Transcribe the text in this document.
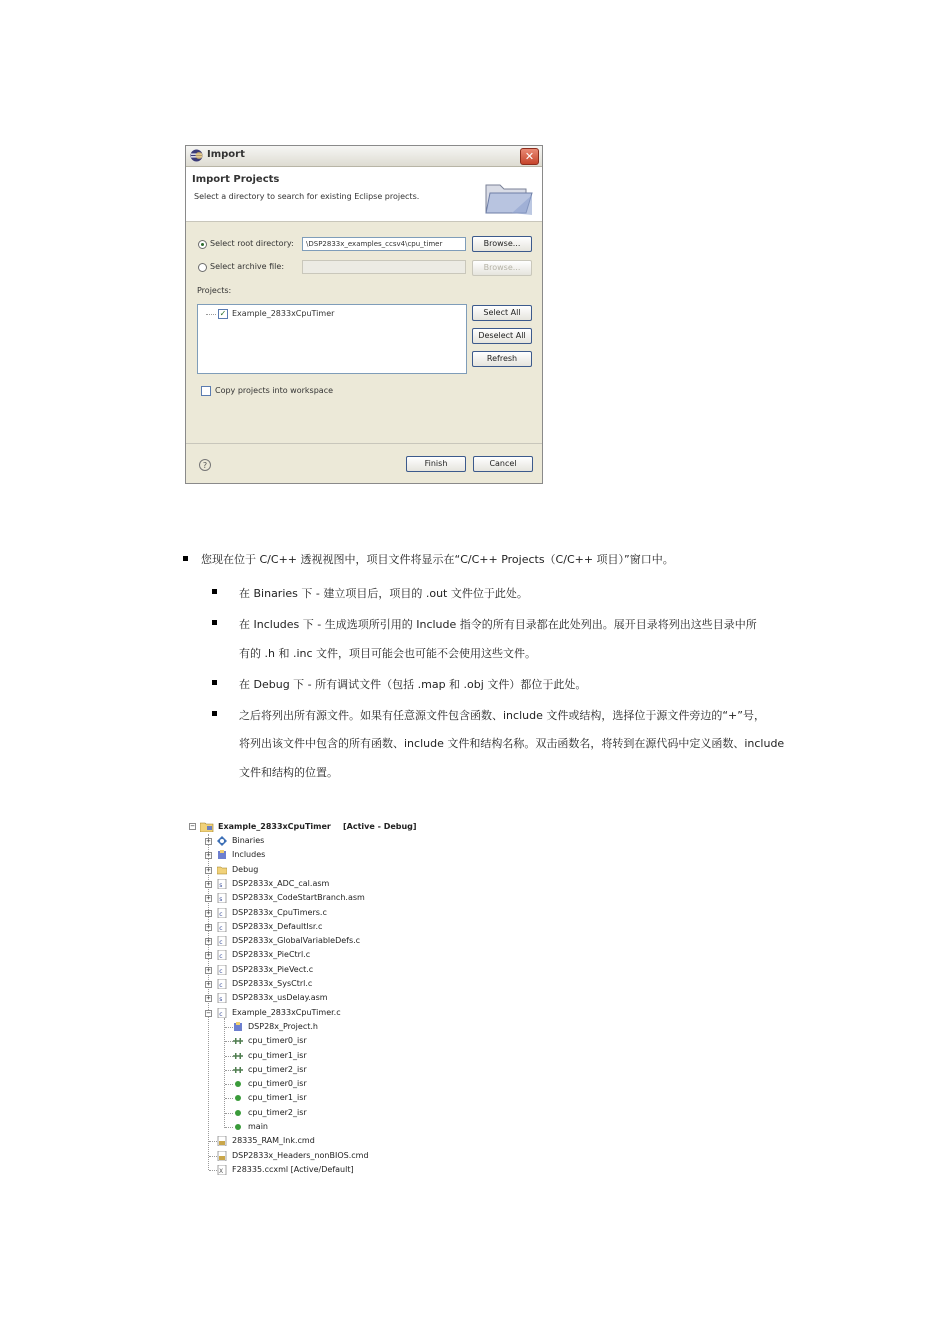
Import	✕
Import Projects
Select a directory to search for existing Eclipse projects.
Select root directory:	\DSP2833x_examples_ccsv4\cpu_timer	Browse...
Select archive file:	Browse...
Projects:
✓ Example_2833xCpuTimer	Select All
Deselect All
Refresh
Copy projects into workspace
?	Finish	Cancel
您现在位于 C/C++ 透视视图中，项目文件将显示在“C/C++ Projects（C/C++ 项目）”窗口中。
在 Binaries 下 - 建立项目后，项目的 .out 文件位于此处。
在 Includes 下 - 生成选项所引用的 Include 指令的所有目录都在此处列出。展开目录将列出这些目录中所
有的 .h 和 .inc 文件，项目可能会也可能不会使用这些文件。
在 Debug 下 - 所有调试文件（包括 .map 和 .obj 文件）都位于此处。
之后将列出所有源文件。如果有任意源文件包含函数、include 文件或结构，选择位于源文件旁边的“+”号，
将列出该文件中包含的所有函数、include 文件和结构名称。双击函数名，将转到在源代码中定义函数、include
文件和结构的位置。
−	Example_2833xCpuTimer [Active - Debug]
+	Binaries
+	Includes
+	Debug
+ s DSP2833x_ADC_cal.asm
+ s DSP2833x_CodeStartBranch.asm
+ c DSP2833x_CpuTimers.c
+ c DSP2833x_DefaultIsr.c
+ c DSP2833x_GlobalVariableDefs.c
+ c DSP2833x_PieCtrl.c
+ c DSP2833x_PieVect.c
+ c DSP2833x_SysCtrl.c
+ s DSP2833x_usDelay.asm
− c Example_2833xCpuTimer.c
DSP28x_Project.h
cpu_timer0_isr
cpu_timer1_isr
cpu_timer2_isr
cpu_timer0_isr
cpu_timer1_isr
cpu_timer2_isr
main
28335_RAM_lnk.cmd
DSP2833x_Headers_nonBIOS.cmd
X F28335.ccxml [Active/Default]
